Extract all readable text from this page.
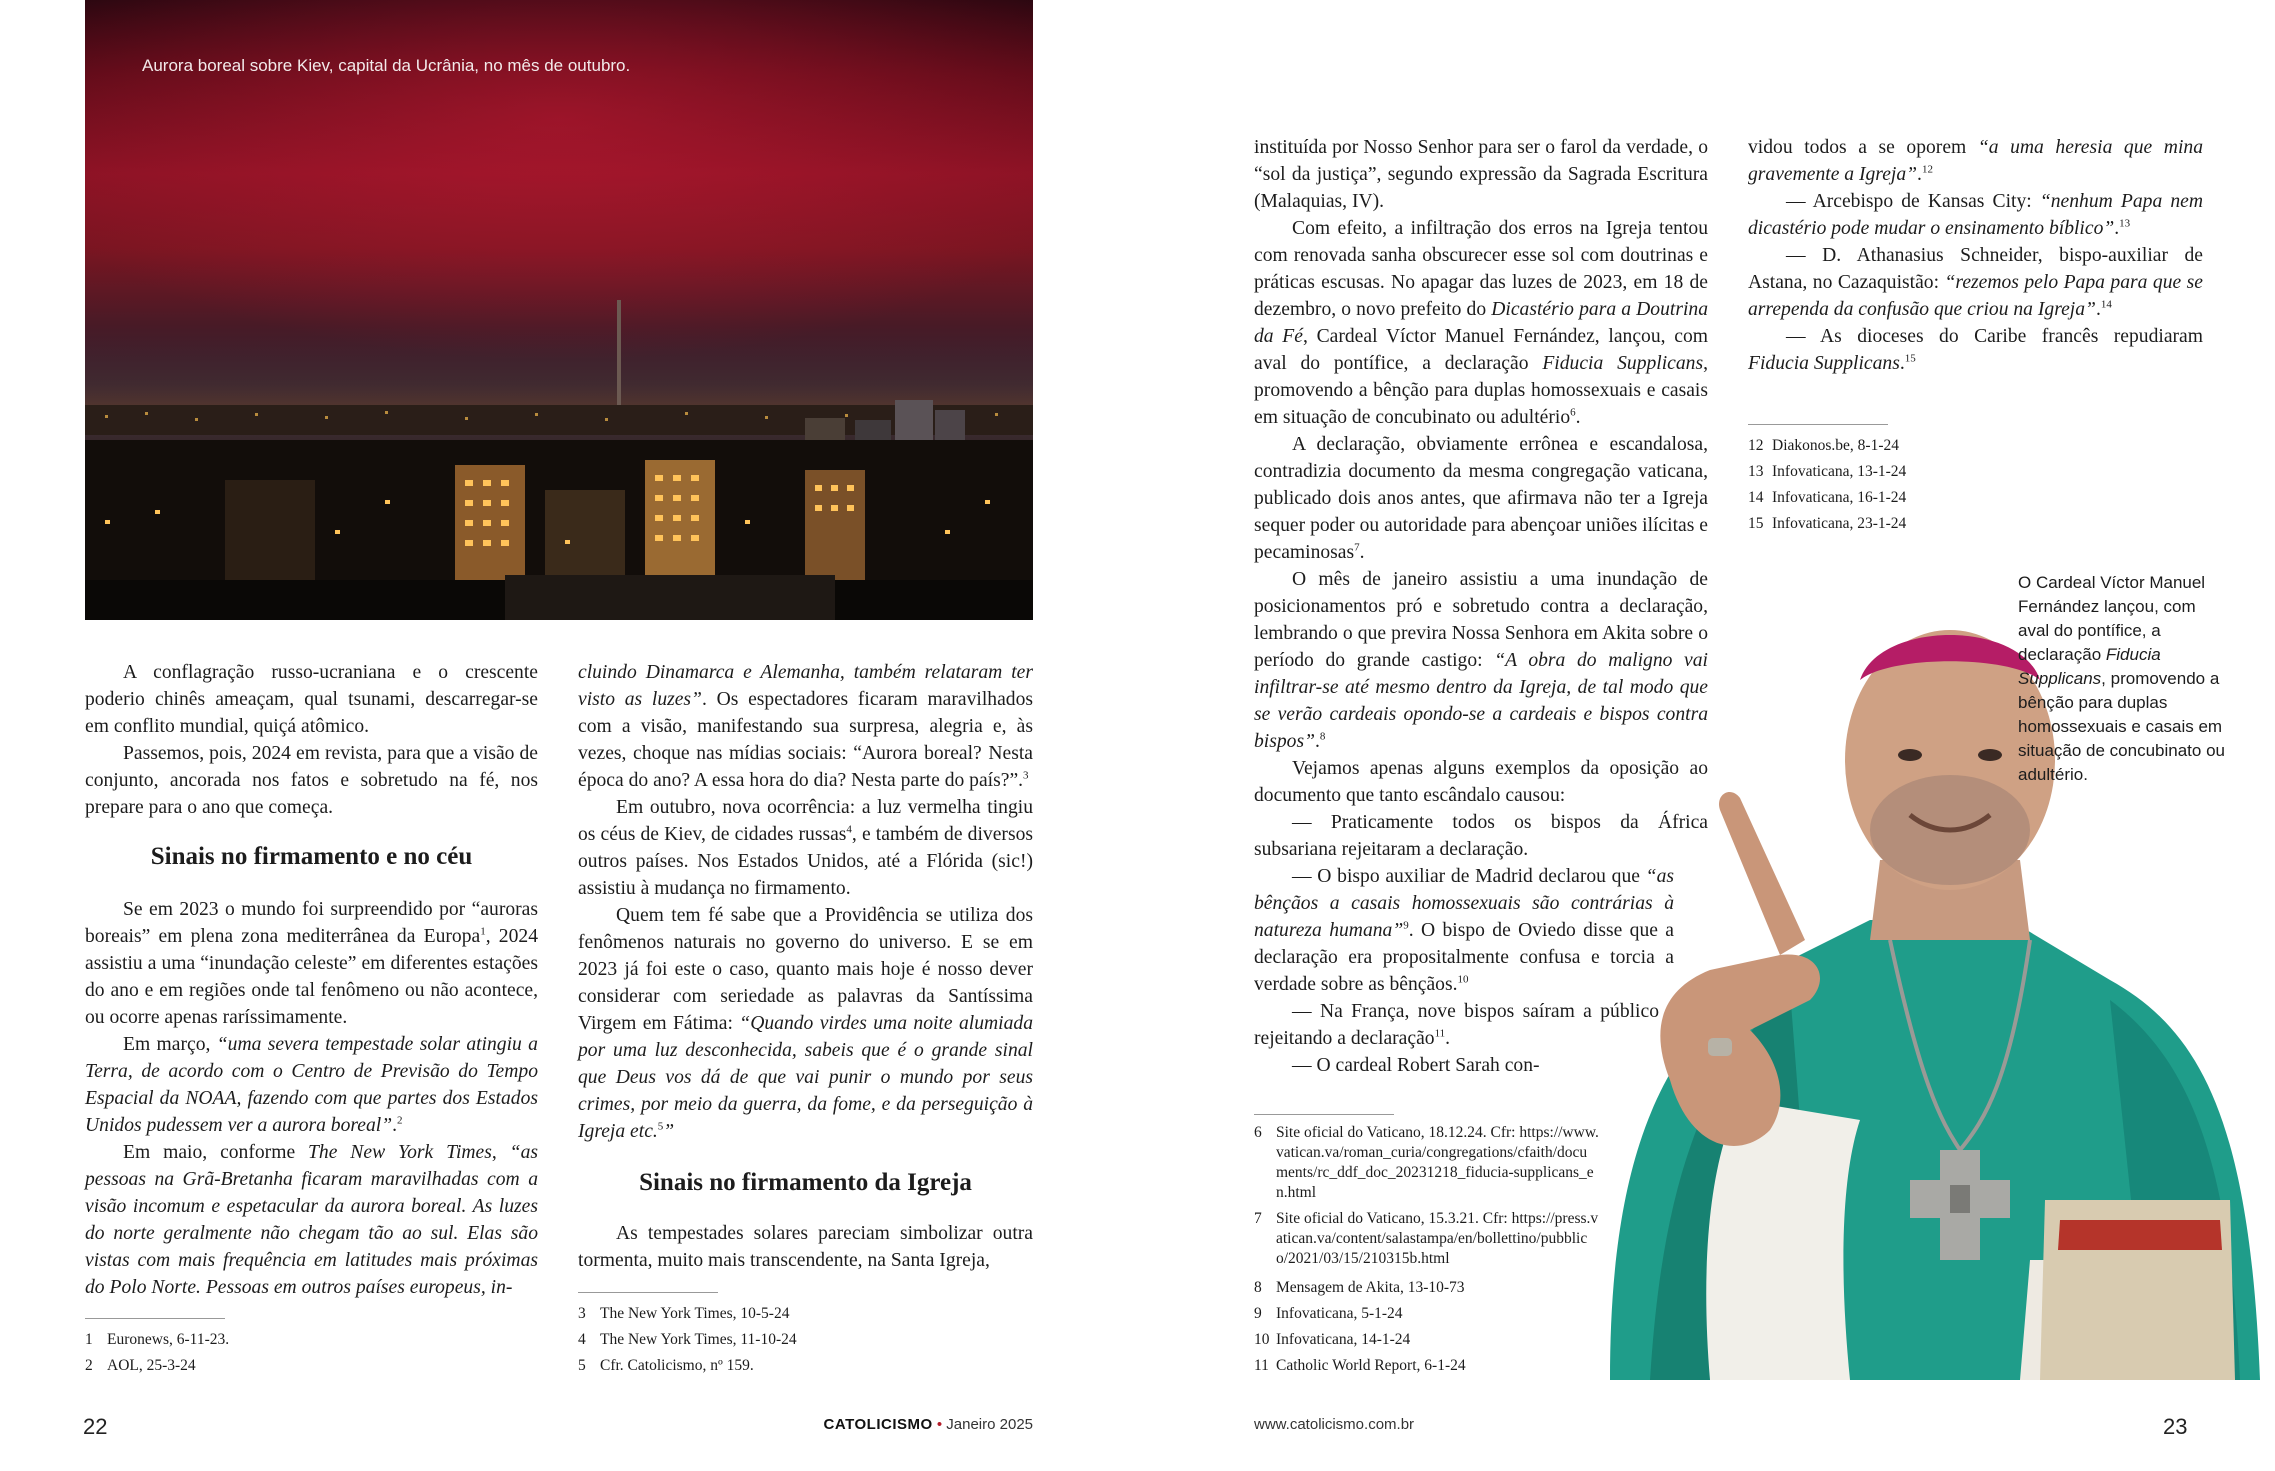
Aurora boreal sobre Kiev, capital da Ucrânia, no mês de outubro.

A conflagração russo-ucraniana e o crescente poderio chinês ameaçam, qual tsunami, descarregar-se em conflito mundial, quiçá atômico.

Passemos, pois, 2024 em revista, para que a visão de conjunto, ancorada nos fatos e sobretudo na fé, nos prepare para o ano que começa.

Sinais no firmamento e no céu

Se em 2023 o mundo foi surpreendido por “auroras boreais” em plena zona mediterrânea da Europa$^1$, 2024 assistiu a uma “inundação celeste” em diferentes estações do ano e em regiões onde tal fenômeno ou não acontece, ou ocorre apenas raríssimamente.

Em março, “uma severa tempestade solar atingiu a Terra, de acordo com o Centro de Previsão do Tempo Espacial da NOAA, fazendo com que partes dos Estados Unidos pudessem ver a aurora boreal”.$^2$

Em maio, conforme The New York Times, “as pessoas na Grã-Bretanha ficaram maravilhadas com a visão incomum e espetacular da aurora boreal. As luzes do norte geralmente não chegam tão ao sul. Elas são vistas com mais frequência em latitudes mais próximas do Polo Norte. Pessoas em outros países europeus, in-

cluindo Dinamarca e Alemanha, também relataram ter visto as luzes”. Os espectadores ficaram maravilhados com a visão, manifestando sua surpresa, alegria e, às vezes, choque nas mídias sociais: “Aurora boreal? Nesta época do ano? A essa hora do dia? Nesta parte do país?”.$^3$

Em outubro, nova ocorrência: a luz vermelha tingiu os céus de Kiev, de cidades russas$^4$, e também de diversos outros países. Nos Estados Unidos, até a Flórida (sic!) assistiu à mudança no firmamento.

Quem tem fé sabe que a Providência se utiliza dos fenômenos naturais no governo do universo. E se em 2023 já foi este o caso, quanto mais hoje é nosso dever considerar com seriedade as palavras da Santíssima Virgem em Fátima: “Quando virdes uma noite alumiada por uma luz desconhecida, sabeis que é o grande sinal que Deus vos dá de que vai punir o mundo por seus crimes, por meio da guerra, da fome, e da perseguição à Igreja etc.$^5$”

Sinais no firmamento da Igreja

As tempestades solares pareciam simbolizar outra tormenta, muito mais transcendente, na Santa Igreja,

1 Euronews, 6-11-23.
2 AOL, 25-3-24
3 The New York Times, 10-5-24
4 The New York Times, 11-10-24
5 Cfr. Catolicismo, nº 159.
22	CATOLICISMO • Janeiro 2025

instituída por Nosso Senhor para ser o farol da verdade, o “sol da justiça”, segundo expressão da Sagrada Escritura (Malaquias, IV).

Com efeito, a infiltração dos erros na Igreja tentou com renovada sanha obscurecer esse sol com doutrinas e práticas escusas. No apagar das luzes de 2023, em 18 de dezembro, o novo prefeito do Dicastério para a Doutrina da Fé, Cardeal Víctor Manuel Fernández, lançou, com aval do pontífice, a declaração Fiducia Supplicans, promovendo a bênção para duplas homossexuais e casais em situação de concubinato ou adultério$^6$.

A declaração, obviamente errônea e escandalosa, contradizia documento da mesma congregação vaticana, publicado dois anos antes, que afirmava não ter a Igreja sequer poder ou autoridade para abençoar uniões ilícitas e pecaminosas$^7$.

O mês de janeiro assistiu a uma inundação de posicionamentos pró e sobretudo contra a declaração, lembrando o que previra Nossa Senhora em Akita sobre o período do grande castigo: “A obra do maligno vai infiltrar-se até mesmo dentro da Igreja, de tal modo que se verão cardeais opondo-se a cardeais e bispos contra bispos”.$^8$

Vejamos apenas alguns exemplos da oposição ao documento que tanto escândalo causou:

— Praticamente todos os bispos da África subsariana rejeitaram a declaração.

— O bispo auxiliar de Madrid declarou que “as bênçãos a casais homossexuais são contrárias à natureza humana”$^9$. O bispo de Oviedo disse que a declaração era propositalmente confusa e torcia a verdade sobre as bênçãos.$^{10}$

— Na França, nove bispos saíram a público rejeitando a declaração$^{11}$.

— O cardeal Robert Sarah con-

vidou todos a se oporem “a uma heresia que mina gravemente a Igreja”.$^{12}$

— Arcebispo de Kansas City: “nenhum Papa nem dicastério pode mudar o ensinamento bíblico”.$^{13}$

— D. Athanasius Schneider, bispo-auxiliar de Astana, no Cazaquistão: “rezemos pelo Papa para que se arrependa da confusão que criou na Igreja”.$^{14}$

— As dioceses do Caribe francês repudiaram Fiducia Supplicans.$^{15}$

12 Diakonos.be, 8-1-24
13 Infovaticana, 13-1-24
14 Infovaticana, 16-1-24
15 Infovaticana, 23-1-24
O Cardeal Víctor Manuel Fernández lançou, com aval do pontífice, a declaração Fiducia Supplicans, promovendo a bênção para duplas homossexuais e casais em situação de concubinato ou adultério.
6 Site oficial do Vaticano, 18.12.24. Cfr: https://www.vatican.va/roman_curia/congregations/cfaith/documents/rc_ddf_doc_20231218_fiducia-supplicans_en.html
7 Site oficial do Vaticano, 15.3.21. Cfr: https://press.vatican.va/content/salastampa/en/bollettino/pubblico/2021/03/15/210315b.html
8 Mensagem de Akita, 13-10-73
9 Infovaticana, 5-1-24
10 Infovaticana, 14-1-24
11 Catholic World Report, 6-1-24
www.catolicismo.com.br	23
